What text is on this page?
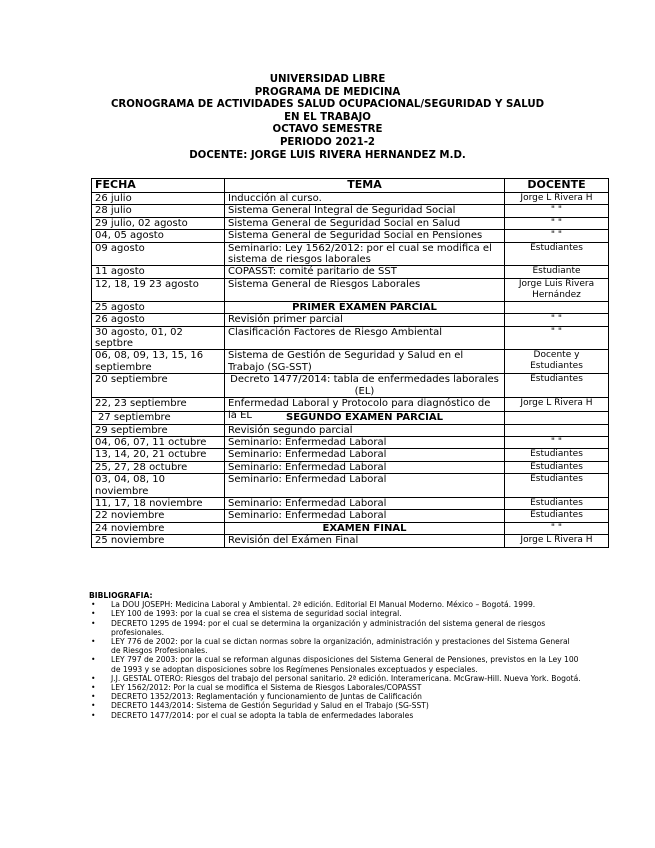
UNIVERSIDAD LIBRE
PROGRAMA DE MEDICINA
CRONOGRAMA DE ACTIVIDADES SALUD OCUPACIONAL/SEGURIDAD Y SALUD
EN EL TRABAJO
OCTAVO SEMESTRE
PERIODO 2021-2
DOCENTE: JORGE LUIS RIVERA HERNANDEZ M.D.
FECHA	TEMA	DOCENTE
26 julio	Inducción al curso.	Jorge L Rivera H
28 julio	Sistema General Integral de Seguridad Social	" "
29 julio, 02 agosto	Sistema General de Seguridad Social en Salud	" "
04, 05 agosto	Sistema General de Seguridad Social en Pensiones	" "
09 agosto	Seminario: Ley 1562/2012: por el cual se modifica el sistema de riesgos laborales	Estudiantes
11 agosto	COPASST: comité paritario de SST	Estudiante
12, 18, 19 23 agosto	Sistema General de Riesgos Laborales	Jorge Luis Rivera Hernández
25 agosto	PRIMER EXAMEN PARCIAL	
26 agosto	Revisión primer parcial	" "
30 agosto, 01, 02 septbre	Clasificación Factores de Riesgo Ambiental	" "
06, 08, 09, 13, 15, 16 septiembre	Sistema de Gestión de Seguridad y Salud en el Trabajo (SG-SST)	Docente y Estudiantes
20 septiembre	Decreto 1477/2014: tabla de enfermedades laborales (EL)	Estudiantes
22, 23 septiembre	Enfermedad Laboral y Protocolo para diagnóstico de la EL	Jorge L Rivera H
27 septiembre	SEGUNDO EXAMEN PARCIAL	
29 septiembre	Revisión segundo parcial	
04, 06, 07, 11 octubre	Seminario: Enfermedad Laboral	" "
13, 14, 20, 21 octubre	Seminario: Enfermedad Laboral	Estudiantes
25, 27, 28 octubre	Seminario: Enfermedad Laboral	Estudiantes
03, 04, 08, 10 noviembre	Seminario: Enfermedad Laboral	Estudiantes
11, 17, 18 noviembre	Seminario: Enfermedad Laboral	Estudiantes
22 noviembre	Seminario: Enfermedad Laboral	Estudiantes
24 noviembre	EXAMEN FINAL	" "
25 noviembre	Revisión del Exámen Final	Jorge L Rivera H
BIBLIOGRAFIA:
• La DOU JOSEPH: Medicina Laboral y Ambiental. 2ª edición. Editorial El Manual Moderno. México – Bogotá. 1999.
• LEY 100 de 1993: por la cual se crea el sistema de seguridad social integral.
• DECRETO 1295 de 1994: por el cual se determina la organización y administración del sistema general de riesgos profesionales.
• LEY 776 de 2002: por la cual se dictan normas sobre la organización, administración y prestaciones del Sistema General de Riesgos Profesionales.
• LEY 797 de 2003: por la cual se reforman algunas disposiciones del Sistema General de Pensiones, previstos en la Ley 100 de 1993 y se adoptan disposiciones sobre los Regímenes Pensionales exceptuados y especiales.
• J.J. GESTAL OTERO: Riesgos del trabajo del personal sanitario. 2ª edición. Interamericana. McGraw-Hill. Nueva York. Bogotá.
• LEY 1562/2012: Por la cual se modifica el Sistema de Riesgos Laborales/COPASST
• DECRETO 1352/2013: Reglamentación y funcionamiento de Juntas de Calificación
• DECRETO 1443/2014: Sistema de Gestión Seguridad y Salud en el Trabajo (SG-SST)
• DECRETO 1477/2014: por el cual se adopta la tabla de enfermedades laborales
